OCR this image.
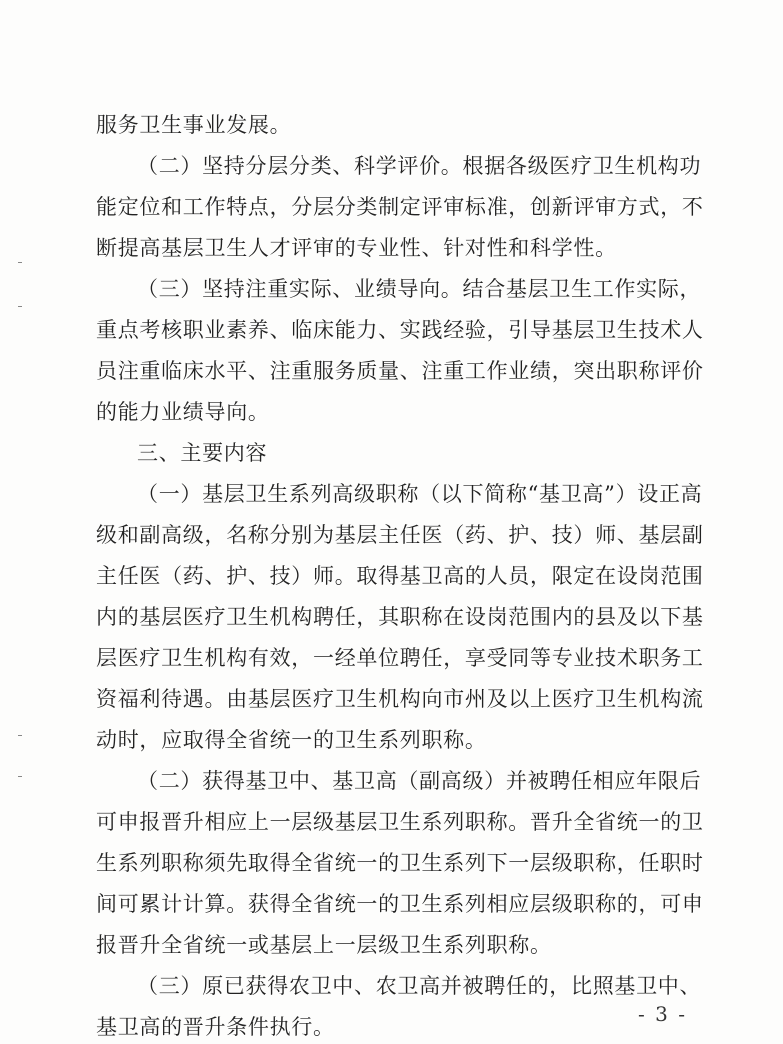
服务卫生事业发展。
（二）坚持分层分类、科学评价。根据各级医疗卫生机构功
能定位和工作特点，分层分类制定评审标准，创新评审方式，不
断提高基层卫生人才评审的专业性、针对性和科学性。
（三）坚持注重实际、业绩导向。结合基层卫生工作实际，
重点考核职业素养、临床能力、实践经验，引导基层卫生技术人
员注重临床水平、注重服务质量、注重工作业绩，突出职称评价
的能力业绩导向。
三、主要内容
（一）基层卫生系列高级职称（以下简称“基卫高”）设正高
级和副高级，名称分别为基层主任医（药、护、技）师、基层副
主任医（药、护、技）师。取得基卫高的人员，限定在设岗范围
内的基层医疗卫生机构聘任，其职称在设岗范围内的县及以下基
层医疗卫生机构有效，一经单位聘任，享受同等专业技术职务工
资福利待遇。由基层医疗卫生机构向市州及以上医疗卫生机构流
动时，应取得全省统一的卫生系列职称。
（二）获得基卫中、基卫高（副高级）并被聘任相应年限后
可申报晋升相应上一层级基层卫生系列职称。晋升全省统一的卫
生系列职称须先取得全省统一的卫生系列下一层级职称，任职时
间可累计计算。获得全省统一的卫生系列相应层级职称的，可申
报晋升全省统一或基层上一层级卫生系列职称。
（三）原已获得农卫中、农卫高并被聘任的，比照基卫中、
基卫高的晋升条件执行。
- 3 -
